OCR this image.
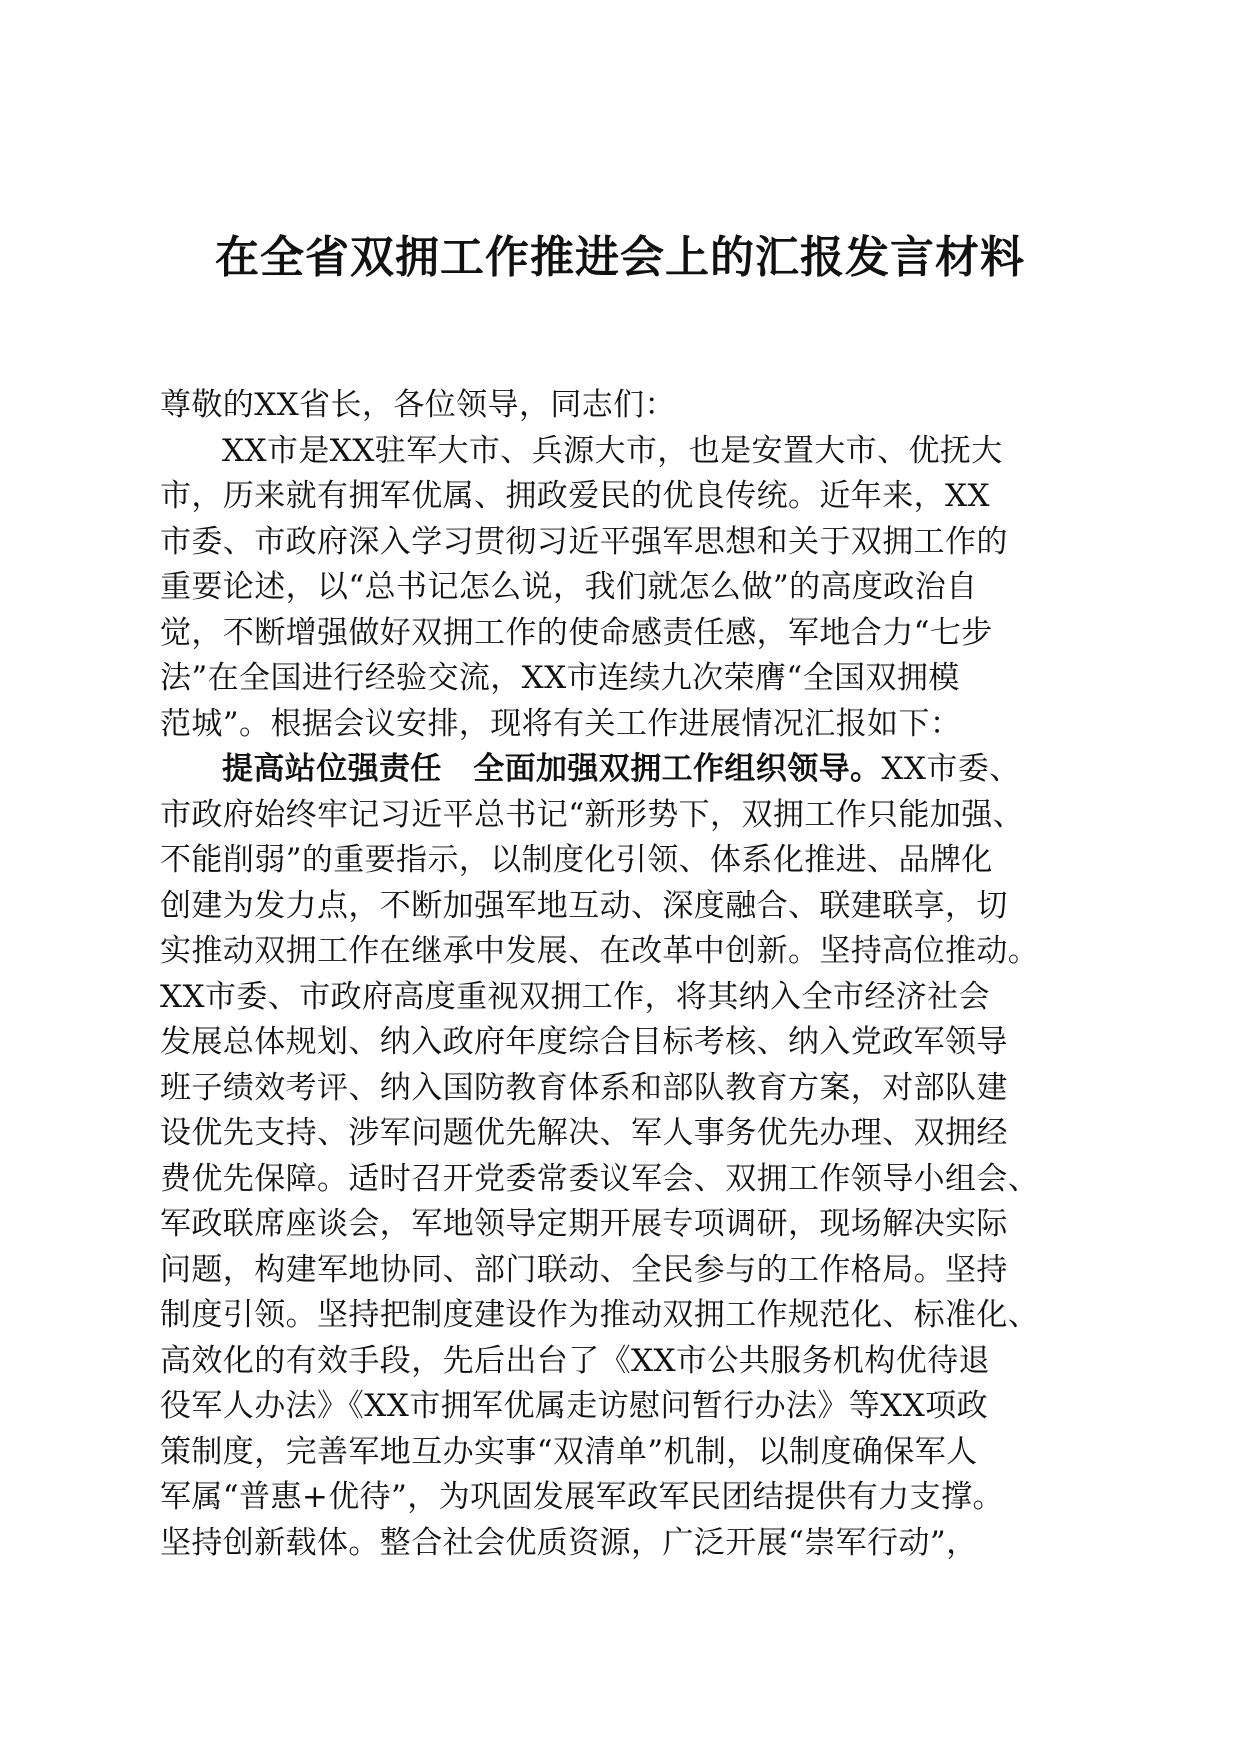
在全省双拥工作推进会上的汇报发言材料
尊敬的XX省长，各位领导，同志们：
XX市是XX驻军大市、兵源大市，也是安置大市、优抚大
市，历来就有拥军优属、拥政爱民的优良传统。近年来，XX
市委、市政府深入学习贯彻习近平强军思想和关于双拥工作的
重要论述，以“总书记怎么说，我们就怎么做”的高度政治自
觉，不断增强做好双拥工作的使命感责任感，军地合力“七步
法”在全国进行经验交流，XX市连续九次荣膺“全国双拥模
范城”。根据会议安排，现将有关工作进展情况汇报如下：
提高站位强责任　全面加强双拥工作组织领导。XX市委、
市政府始终牢记习近平总书记“新形势下，双拥工作只能加强、
不能削弱”的重要指示，以制度化引领、体系化推进、品牌化
创建为发力点，不断加强军地互动、深度融合、联建联享，切
实推动双拥工作在继承中发展、在改革中创新。坚持高位推动。
XX市委、市政府高度重视双拥工作，将其纳入全市经济社会
发展总体规划、纳入政府年度综合目标考核、纳入党政军领导
班子绩效考评、纳入国防教育体系和部队教育方案，对部队建
设优先支持、涉军问题优先解决、军人事务优先办理、双拥经
费优先保障。适时召开党委常委议军会、双拥工作领导小组会、
军政联席座谈会，军地领导定期开展专项调研，现场解决实际
问题，构建军地协同、部门联动、全民参与的工作格局。坚持
制度引领。坚持把制度建设作为推动双拥工作规范化、标准化、
高效化的有效手段，先后出台了《XX市公共服务机构优待退
役军人办法》《XX市拥军优属走访慰问暂行办法》等XX项政
策制度，完善军地互办实事“双清单”机制，以制度确保军人
军属“普惠+优待”，为巩固发展军政军民团结提供有力支撑。
坚持创新载体。整合社会优质资源，广泛开展“崇军行动”，
